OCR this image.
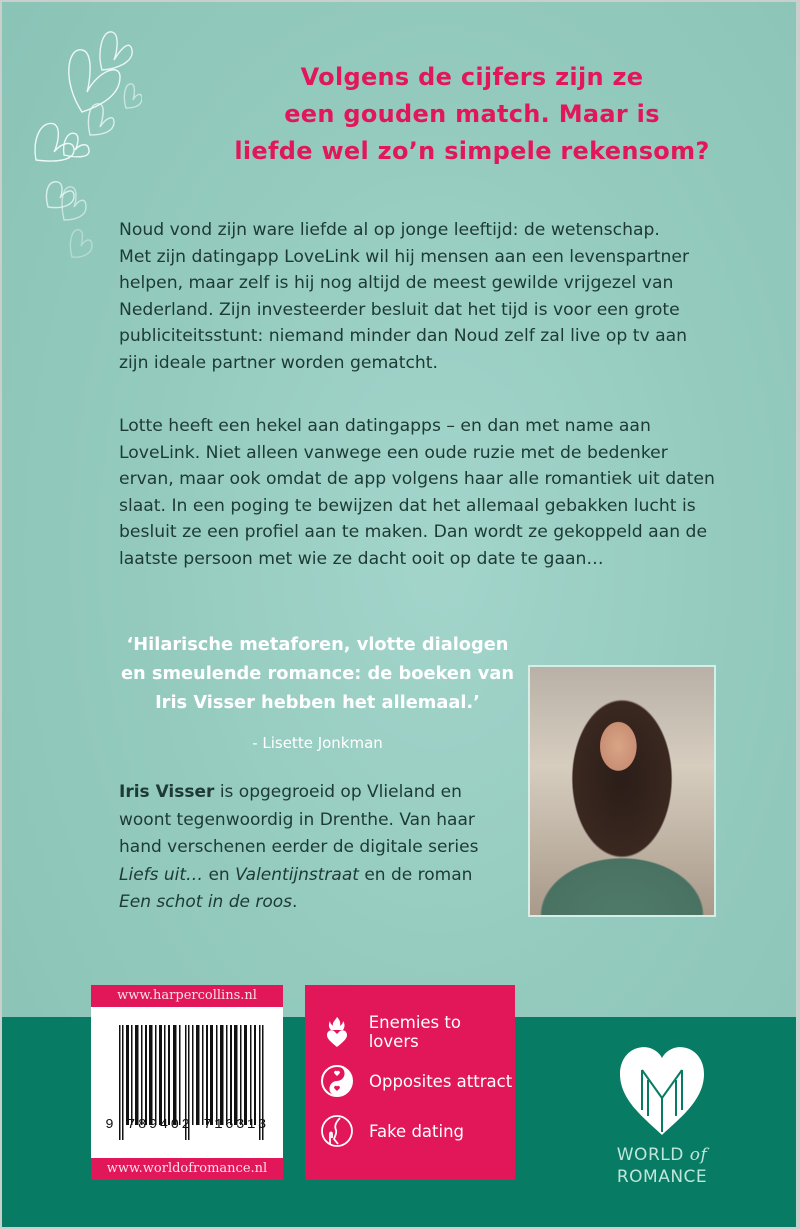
Volgens de cijfers zijn ze
een gouden match. Maar is
liefde wel zo’n simpele rekensom?
Noud vond zijn ware liefde al op jonge leeftijd: de wetenschap.
Met zijn datingapp LoveLink wil hij mensen aan een levenspartner
helpen, maar zelf is hij nog altijd de meest gewilde vrijgezel van
Nederland. Zijn investeerder besluit dat het tijd is voor een grote
publiciteitsstunt: niemand minder dan Noud zelf zal live op tv aan
zijn ideale partner worden gematcht.
Lotte heeft een hekel aan datingapps – en dan met name aan
LoveLink. Niet alleen vanwege een oude ruzie met de bedenker
ervan, maar ook omdat de app volgens haar alle romantiek uit daten
slaat. In een poging te bewijzen dat het allemaal gebakken lucht is
besluit ze een profiel aan te maken. Dan wordt ze gekoppeld aan de
laatste persoon met wie ze dacht ooit op date te gaan…
‘Hilarische metaforen, vlotte dialogen
en smeulende romance: de boeken van
Iris Visser hebben het allemaal.’
- Lisette Jonkman
Iris Visser is opgegroeid op Vlieland en
woont tegenwoordig in Drenthe. Van haar
hand verschenen eerder de digitale series
Liefs uit… en Valentijnstraat en de roman
Een schot in de roos.
www.harpercollins.nl
9 789402 716313
www.worldofromance.nl
Enemies to lovers
Opposites attract
Fake dating
WORLD of
ROMANCE
